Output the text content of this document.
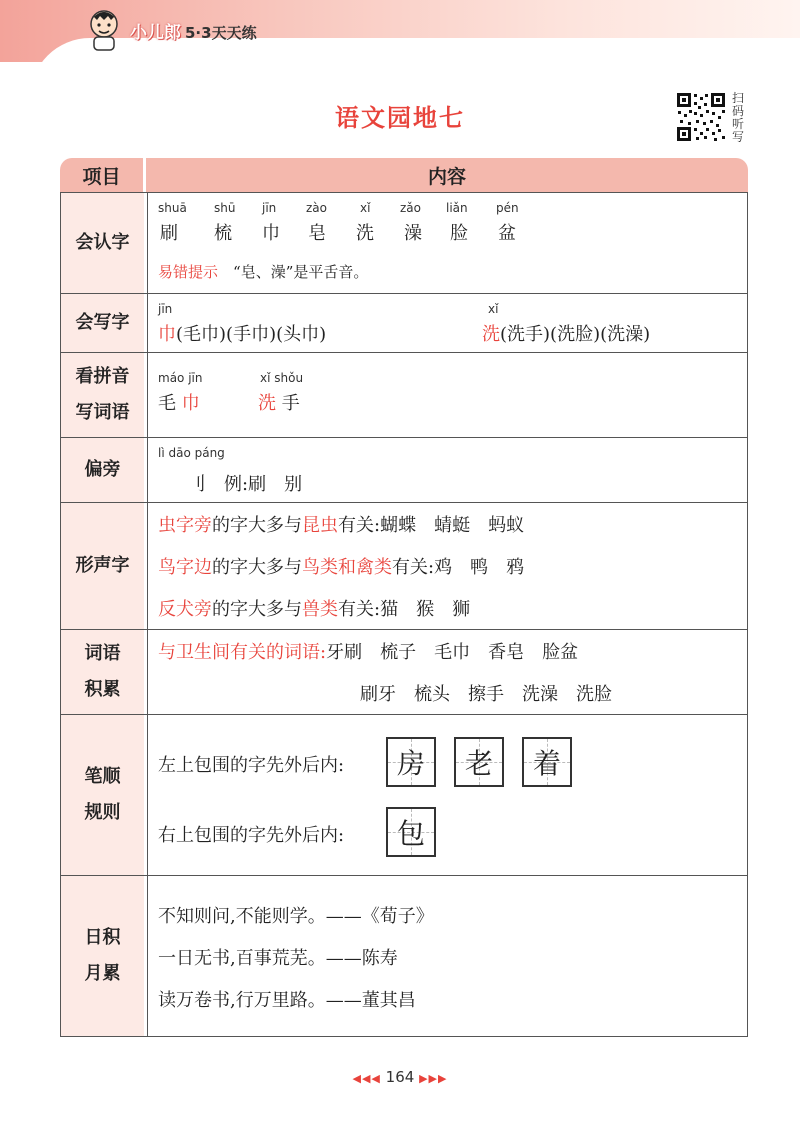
小儿郎 5·3天天练
语文园地七
扫码听写
项目	内容
会认字
shuā shū jīn zào	xǐ zǎo liǎn pén
刷 梳 巾 皂 洗 澡 脸 盆
易错提示　 “皂、澡”是平舌音。
会写字
jīn
巾(毛巾)(手巾)(头巾)
xǐ
洗(洗手)(洗脸)(洗澡)
看拼音
写词语
máo jīn
毛 巾
xǐ shǒu
洗 手
偏旁
lì dāo páng
刂　 例:刷　别
形声字
虫字旁的字大多与昆虫有关:蝴蝶　蜻蜓　蚂蚁
鸟字边的字大多与鸟类和禽类有关:鸡　鸭　鸦
反犬旁的字大多与兽类有关:猫　猴　狮
词语
积累
与卫生间有关的词语:牙刷　梳子　毛巾　香皂　脸盆
刷牙　梳头　擦手　洗澡　洗脸
笔顺
规则
左上包围的字先外后内: 房 老 着
右上包围的字先外后内: 包
日积
月累
不知则问,不能则学。——《荀子》
一日无书,百事荒芜。——陈寿
读万卷书,行万里路。——董其昌
◀◀◀ 164 ▶▶▶
